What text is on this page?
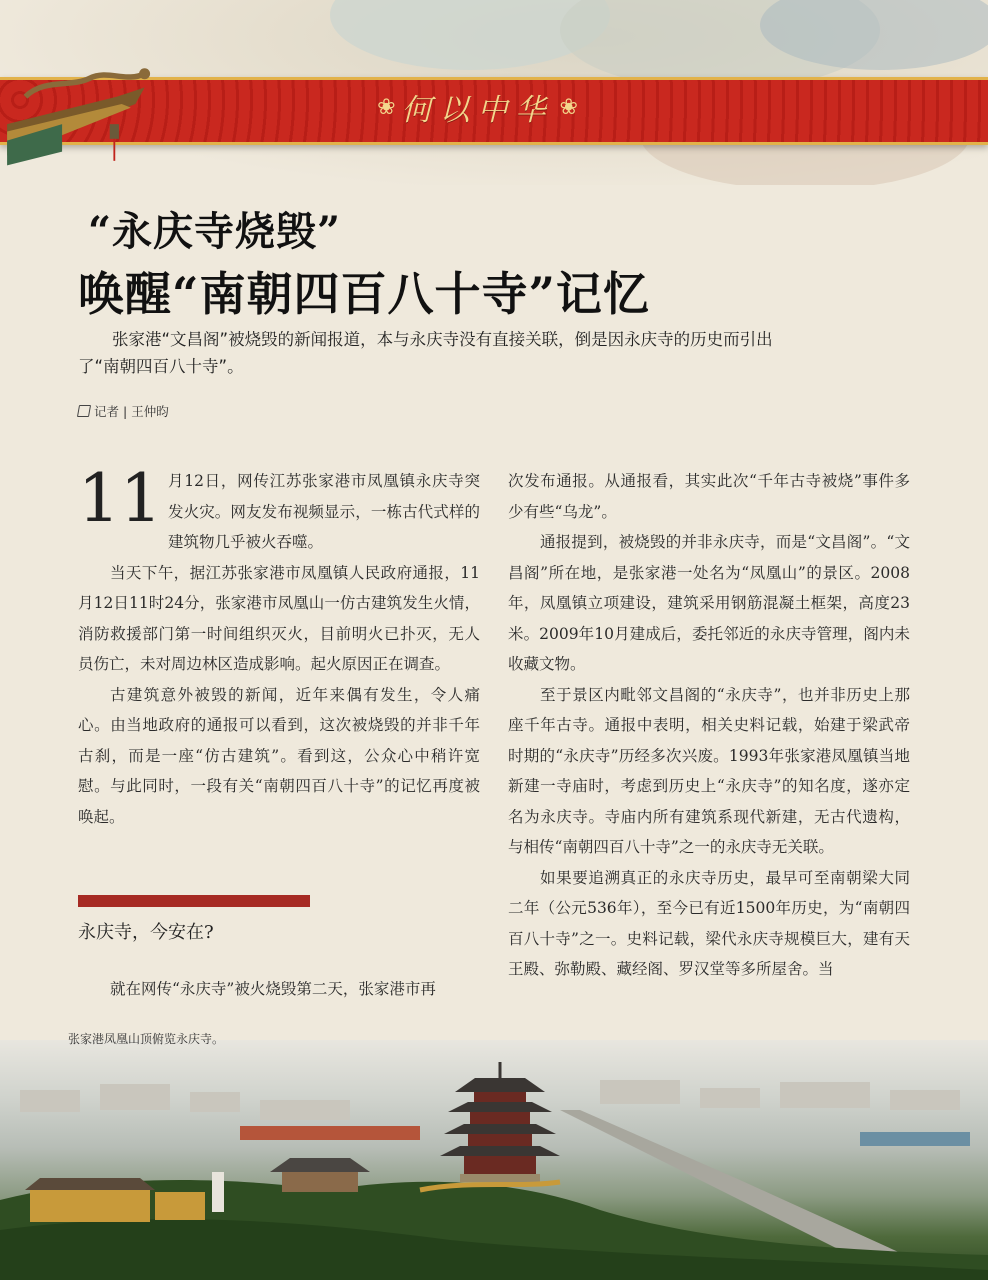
❀ 何以中华 ❀
“永庆寺烧毁”
唤醒“南朝四百八十寺”记忆
张家港“文昌阁”被烧毁的新闻报道，本与永庆寺没有直接关联，倒是因永庆寺的历史而引出了“南朝四百八十寺”。
记者 | 王仲昀

11 月12日，网传江苏张家港市凤凰镇永庆寺突发火灾。网友发布视频显示，一栋古代式样的建筑物几乎被火吞噬。

当天下午，据江苏张家港市凤凰镇人民政府通报，11月12日11时24分，张家港市凤凰山一仿古建筑发生火情，消防救援部门第一时间组织灭火，目前明火已扑灭，无人员伤亡，未对周边林区造成影响。起火原因正在调查。

古建筑意外被毁的新闻，近年来偶有发生，令人痛心。由当地政府的通报可以看到，这次被烧毁的并非千年古刹，而是一座“仿古建筑”。看到这，公众心中稍许宽慰。与此同时，一段有关“南朝四百八十寺”的记忆再度被唤起。

永庆寺，今安在?

就在网传“永庆寺”被火烧毁第二天，张家港市再

次发布通报。从通报看，其实此次“千年古寺被烧”事件多少有些“乌龙”。

通报提到，被烧毁的并非永庆寺，而是“文昌阁”。“文昌阁”所在地，是张家港一处名为“凤凰山”的景区。2008年，凤凰镇立项建设，建筑采用钢筋混凝土框架，高度23米。2009年10月建成后，委托邻近的永庆寺管理，阁内未收藏文物。

至于景区内毗邻文昌阁的“永庆寺”，也并非历史上那座千年古寺。通报中表明，相关史料记载，始建于梁武帝时期的“永庆寺”历经多次兴废。1993年张家港凤凰镇当地新建一寺庙时，考虑到历史上“永庆寺”的知名度，遂亦定名为永庆寺。寺庙内所有建筑系现代新建，无古代遗构，与相传“南朝四百八十寺”之一的永庆寺无关联。

如果要追溯真正的永庆寺历史，最早可至南朝梁大同二年（公元536年），至今已有近1500年历史，为“南朝四百八十寺”之一。史料记载，梁代永庆寺规模巨大，建有天王殿、弥勒殿、藏经阁、罗汉堂等多所屋舍。当

张家港凤凰山顶俯览永庆寺。
